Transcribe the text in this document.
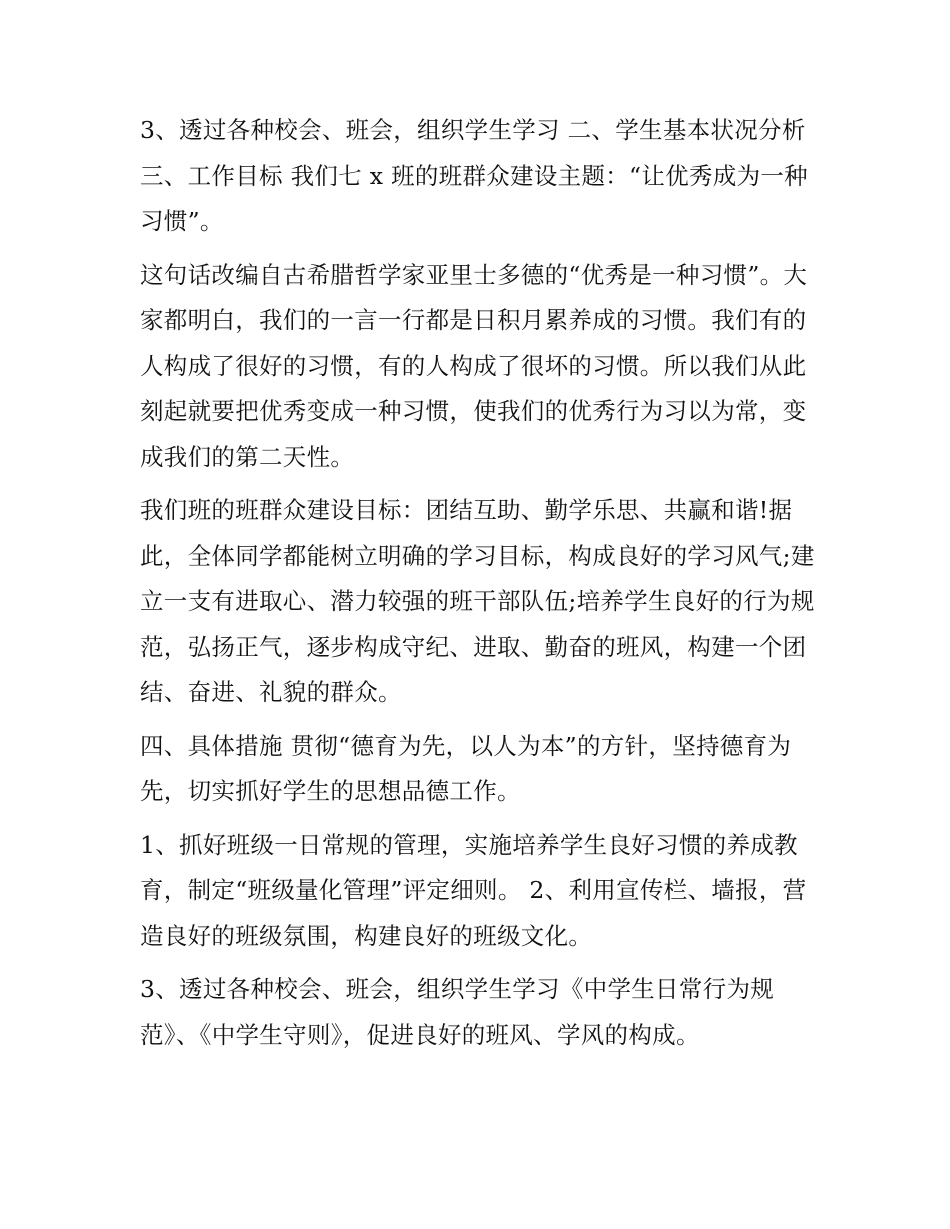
3、透过各种校会、班会，组织学生学习 二、学生基本状况分析 三、工作目标 我们七 x 班的班群众建设主题：“让优秀成为一种习惯”。

这句话改编自古希腊哲学家亚里士多德的“优秀是一种习惯”。大家都明白，我们的一言一行都是日积月累养成的习惯。我们有的人构成了很好的习惯，有的人构成了很坏的习惯。所以我们从此刻起就要把优秀变成一种习惯，使我们的优秀行为习以为常，变成我们的第二天性。

我们班的班群众建设目标：团结互助、勤学乐思、共赢和谐!据此，全体同学都能树立明确的学习目标，构成良好的学习风气;建立一支有进取心、潜力较强的班干部队伍;培养学生良好的行为规范，弘扬正气，逐步构成守纪、进取、勤奋的班风，构建一个团结、奋进、礼貌的群众。

四、具体措施 贯彻“德育为先，以人为本”的方针，坚持德育为先，切实抓好学生的思想品德工作。

1、抓好班级一日常规的管理，实施培养学生良好习惯的养成教育，制定“班级量化管理”评定细则。 2、利用宣传栏、墙报，营造良好的班级氛围，构建良好的班级文化。

3、透过各种校会、班会，组织学生学习《中学生日常行为规范》、《中学生守则》，促进良好的班风、学风的构成。
